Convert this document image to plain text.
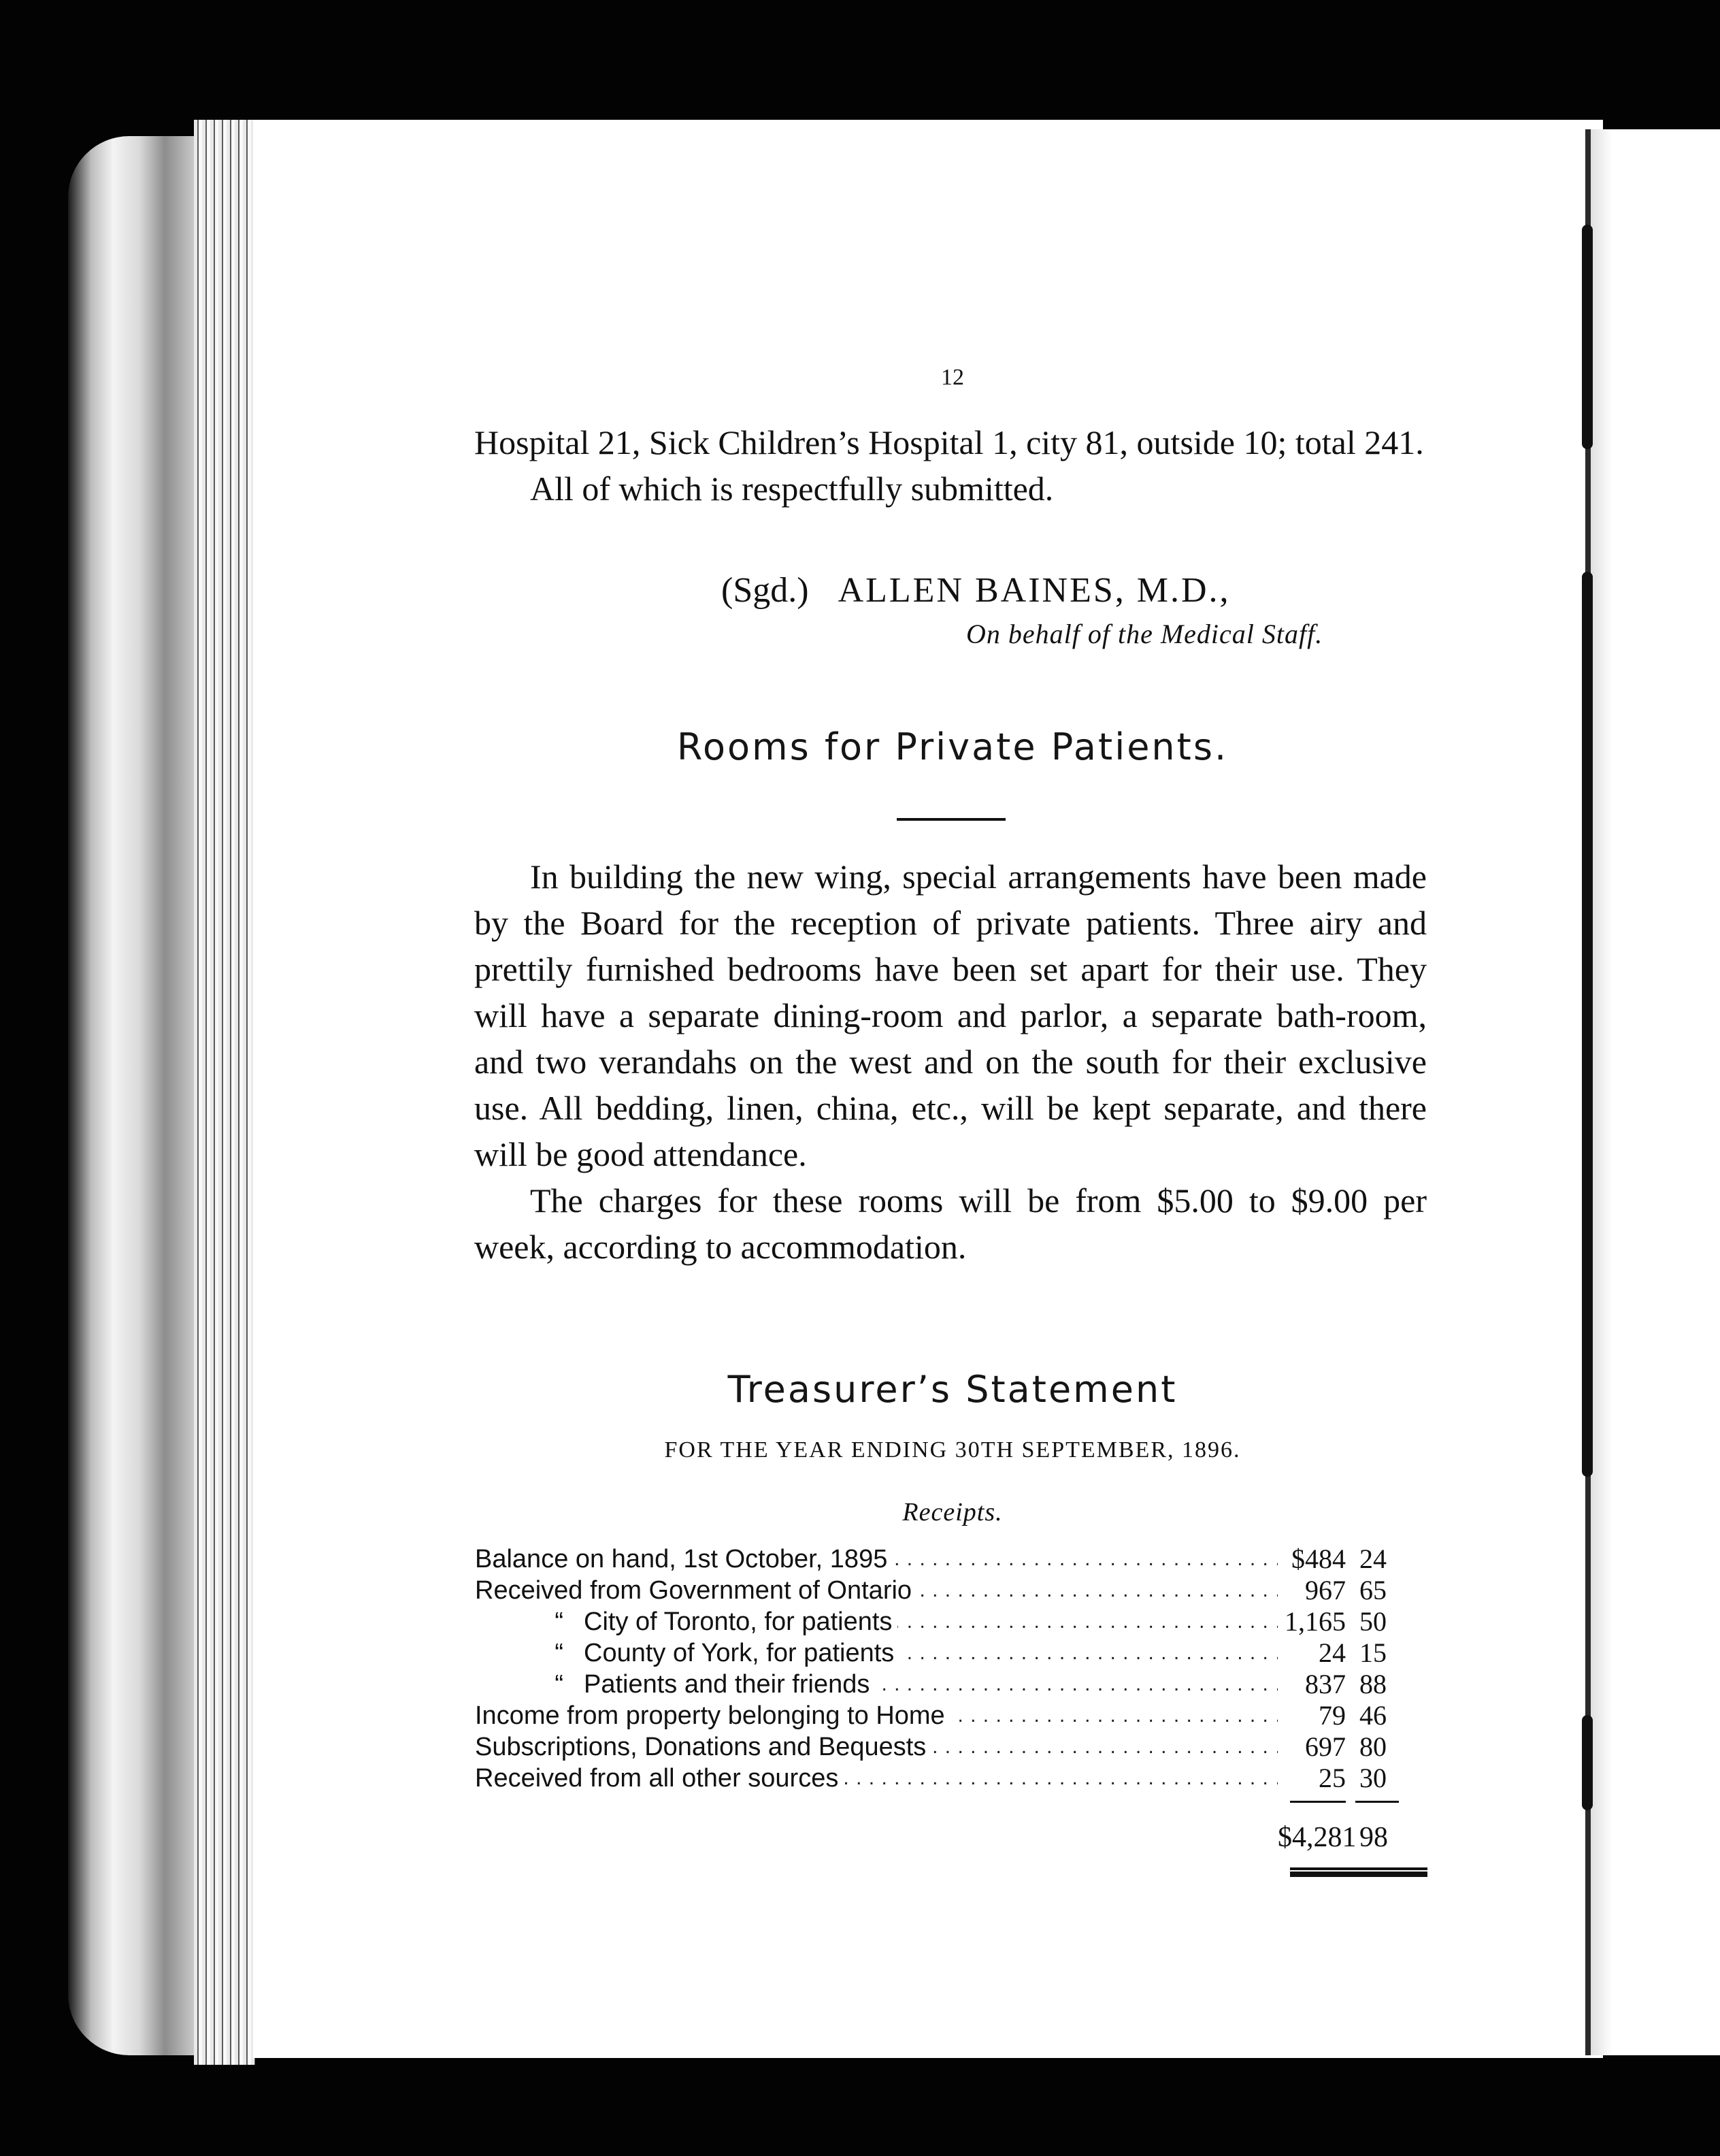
12

Hospital 21, Sick Children’s Hospital 1, city 81, outside 10; total 241.

All of which is respectfully submitted.

(Sgd.) ALLEN BAINES, M.D.,
On behalf of the Medical Staff.
Rooms for Private Patients.

In building the new wing, special arrangements have been made by the Board for the reception of private patients. Three airy and prettily furnished bedrooms have been set apart for their use. They will have a separate dining-room and parlor, a separate bath-room, and two verandahs on the west and on the south for their exclusive use. All bedding, linen, china, etc., will be kept separate, and there will be good attendance.

The charges for these rooms will be from $5.00 to $9.00 per week, according to accommodation.

Treasurer’s Statement
FOR THE YEAR ENDING 30TH SEPTEMBER, 1896.
Receipts.
Balance on hand, 1st October, 1895 . . .	$484 24
Received from Government of Ontario . . .	967 65
“ City of Toronto, for patients . . .	1,165 50
“ County of York, for patients . . .	24 15
“ Patients and their friends . . .	837 88
Income from property belonging to Home . . .	79 46
Subscriptions, Donations and Bequests . . .	697 80
Received from all other sources . . .	25 30
$4,281 98
